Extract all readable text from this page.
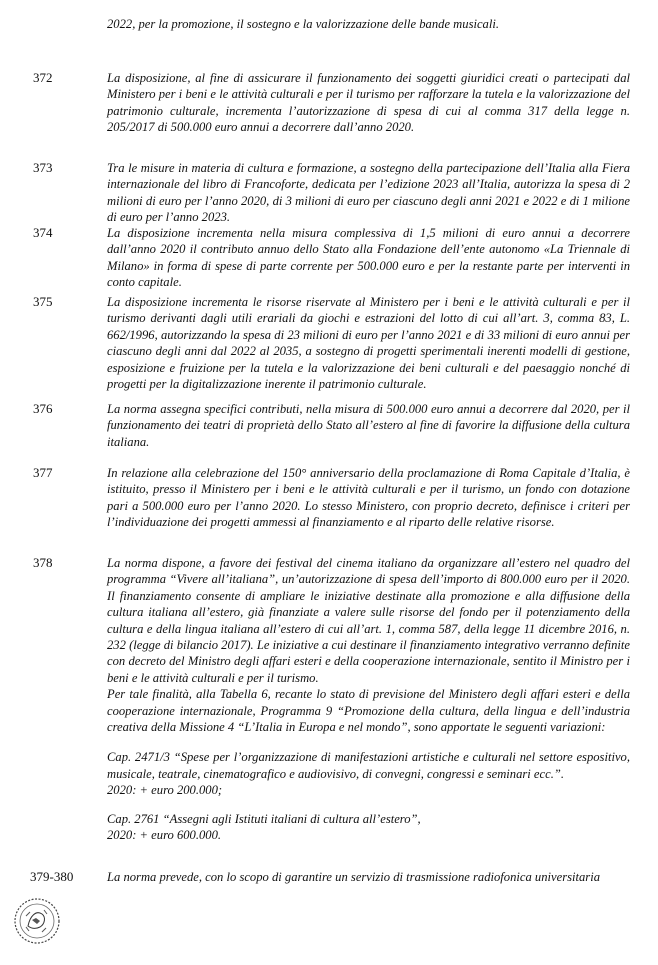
2022, per la promozione, il sostegno e la valorizzazione delle bande musicali.

372	La disposizione, al fine di assicurare il funzionamento dei soggetti giuridici creati o partecipati dal Ministero per i beni e le attività culturali e per il turismo per rafforzare la tutela e la valorizzazione del patrimonio culturale, incrementa l’autorizzazione di spesa di cui al comma 317 della legge n. 205/2017 di 500.000 euro annui a decorrere dall’anno 2020.

373	Tra le misure in materia di cultura e formazione, a sostegno della partecipazione dell’Italia alla Fiera internazionale del libro di Francoforte, dedicata per l’edizione 2023 all’Italia, autorizza la spesa di 2 milioni di euro per l’anno 2020, di 3 milioni di euro per ciascuno degli anni 2021 e 2022 e di 1 milione di euro per l’anno 2023.

374	La disposizione incrementa nella misura complessiva di 1,5 milioni di euro annui a decorrere dall’anno 2020 il contributo annuo dello Stato alla Fondazione dell’ente autonomo «La Triennale di Milano» in forma di spese di parte corrente per 500.000 euro e per la restante parte per interventi in conto capitale.

375	La disposizione incrementa le risorse riservate al Ministero per i beni e le attività culturali e per il turismo derivanti dagli utili erariali da giochi e estrazioni del lotto di cui all’art. 3, comma 83, L. 662/1996, autorizzando la spesa di 23 milioni di euro per l’anno 2021 e di 33 milioni di euro annui per ciascuno degli anni dal 2022 al 2035, a sostegno di progetti sperimentali inerenti modelli di gestione, esposizione e fruizione per la tutela e la valorizzazione dei beni culturali e del paesaggio nonché di progetti per la digitalizzazione inerente il patrimonio culturale.

376	La norma assegna specifici contributi, nella misura di 500.000 euro annui a decorrere dal 2020, per il funzionamento dei teatri di proprietà dello Stato all’estero al fine di favorire la diffusione della cultura italiana.

377	In relazione alla celebrazione del 150° anniversario della proclamazione di Roma Capitale d’Italia, è istituito, presso il Ministero per i beni e le attività culturali e per il turismo, un fondo con dotazione pari a 500.000 euro per l’anno 2020. Lo stesso Ministero, con proprio decreto, definisce i criteri per l’individuazione dei progetti ammessi al finanziamento e al riparto delle relative risorse.

378	La norma dispone, a favore dei festival del cinema italiano da organizzare all’estero nel quadro del programma “Vivere all’italiana”, un’autorizzazione di spesa dell’importo di 800.000 euro per il 2020. Il finanziamento consente di ampliare le iniziative destinate alla promozione e alla diffusione della cultura italiana all’estero, già finanziate a valere sulle risorse del fondo per il potenziamento della cultura e della lingua italiana all’estero di cui all’art. 1, comma 587, della legge 11 dicembre 2016, n. 232 (legge di bilancio 2017). Le iniziative a cui destinare il finanziamento integrativo verranno definite con decreto del Ministro degli affari esteri e della cooperazione internazionale, sentito il Ministro per i beni e le attività culturali e per il turismo.

Per tale finalità, alla Tabella 6, recante lo stato di previsione del Ministero degli affari esteri e della cooperazione internazionale, Programma 9 “Promozione della cultura, della lingua e dell’industria creativa della Missione 4 “L’Italia in Europa e nel mondo”, sono apportate le seguenti variazioni:

Cap. 2471/3 “Spese per l’organizzazione di manifestazioni artistiche e culturali nel settore espositivo, musicale, teatrale, cinematografico e audiovisivo, di convegni, congressi e seminari ecc.”.

2020: + euro 200.000;

Cap. 2761 “Assegni agli Istituti italiani di cultura all’estero”,

2020: + euro 600.000.

379-380	La norma prevede, con lo scopo di garantire un servizio di trasmissione radiofonica universitaria
